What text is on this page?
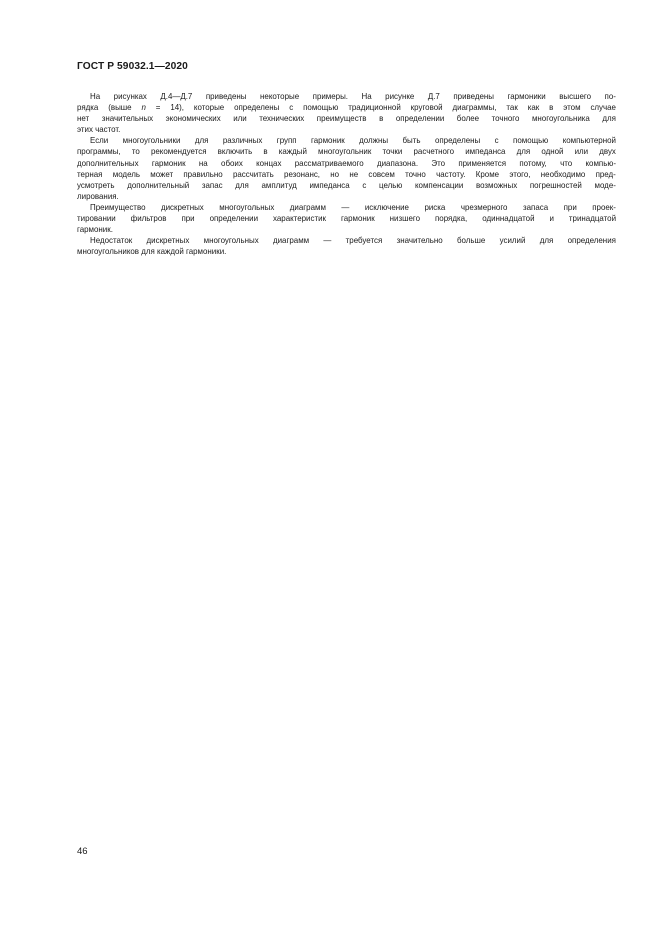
ГОСТ Р 59032.1—2020
На рисунках Д.4—Д.7 приведены некоторые примеры. На рисунке Д.7 приведены гармоники высшего по-
рядка (выше n = 14), которые определены с помощью традиционной круговой диаграммы, так как в этом случае
нет значительных экономических или технических преимуществ в определении более точного многоугольника для
этих частот.
Если многоугольники для различных групп гармоник должны быть определены с помощью компьютерной
программы, то рекомендуется включить в каждый многоугольник точки расчетного импеданса для одной или двух
дополнительных гармоник на обоих концах рассматриваемого диапазона. Это применяется потому, что компью-
терная модель может правильно рассчитать резонанс, но не совсем точно частоту. Кроме этого, необходимо пред-
усмотреть дополнительный запас для амплитуд импеданса с целью компенсации возможных погрешностей моде-
лирования.
Преимущество дискретных многоугольных диаграмм — исключение риска чрезмерного запаса при проек-
тировании фильтров при определении характеристик гармоник низшего порядка, одиннадцатой и тринадцатой
гармоник.
Недостаток дискретных многоугольных диаграмм — требуется значительно больше усилий для определения
многоугольников для каждой гармоники.
46
